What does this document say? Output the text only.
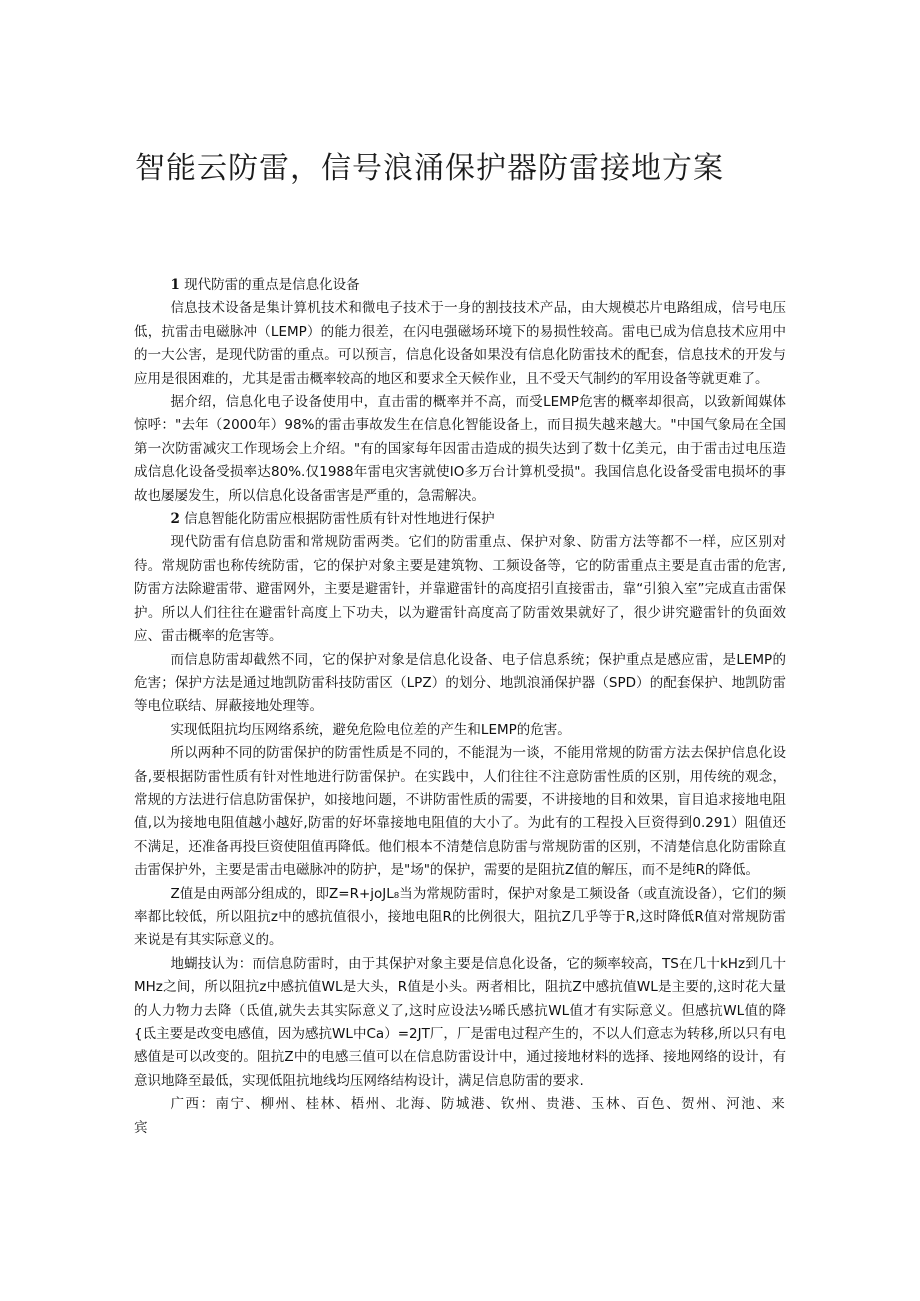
智能云防雷，信号浪涌保护器防雷接地方案
1 现代防雷的重点是信息化设备

信息技术设备是集计算机技术和微电子技术于一身的割技技术产品，由大规模芯片电路组成，信号电压低，抗雷击电磁脉冲（LEMP）的能力很差，在闪电强磁场环境下的易损性较高。雷电已成为信息技术应用中的一大公害，是现代防雷的重点。可以预言，信息化设备如果没有信息化防雷技术的配套，信息技术的开发与应用是很困难的，尤其是雷击概率较高的地区和要求全天候作业，且不受天气制约的军用设备等就更难了。

据介绍，信息化电子设备使用中，直击雷的概率并不高，而受LEMP危害的概率却很高，以致新闻媒体惊呼："去年（2000年）98%的雷击事故发生在信息化智能设备上，而目损失越来越大。"中国气象局在全国第一次防雷减灾工作现场会上介绍。"有的国家每年因雷击造成的损失达到了数十亿美元，由于雷击过电压造成信息化设备受损率达80%.仅1988年雷电灾害就使IO多万台计算机受损"。我国信息化设备受雷电损坏的事故也屡屡发生，所以信息化设备雷害是严重的，急需解决。

2 信息智能化防雷应根据防雷性质有针对性地进行保护

现代防雷有信息防雷和常规防雷两类。它们的防雷重点、保护对象、防雷方法等都不一样，应区别对待。常规防雷也称传统防雷，它的保护对象主要是建筑物、工频设备等，它的防雷重点主要是直击雷的危害,防雷方法除避雷带、避雷网外，主要是避雷针，并靠避雷针的高度招引直接雷击，靠“引狼入室”完成直击雷保护。所以人们往往在避雷针高度上下功夫，以为避雷针高度高了防雷效果就好了，很少讲究避雷针的负面效应、雷击概率的危害等。

而信息防雷却截然不同，它的保护对象是信息化设备、电子信息系统；保护重点是感应雷，是LEMP的危害；保护方法是通过地凯防雷科技防雷区（LPZ）的划分、地凯浪涌保护器（SPD）的配套保护、地凯防雷等电位联结、屏蔽接地处理等。

实现低阻抗均压网络系统，避免危险电位差的产生和LEMP的危害。

所以两种不同的防雷保护的防雷性质是不同的，不能混为一谈，不能用常规的防雷方法去保护信息化设备,要根据防雷性质有针对性地进行防雷保护。在实践中，人们往往不注意防雷性质的区别，用传统的观念，常规的方法进行信息防雷保护，如接地问题，不讲防雷性质的需要，不讲接地的目和效果，盲目追求接地电阻值,以为接地电阻值越小越好,防雷的好坏靠接地电阻值的大小了。为此有的工程投入巨资得到0.291）阻值还不满足，还准备再投巨资使阻值再降低。他们根本不清楚信息防雷与常规防雷的区别，不清楚信息化防雷除直击雷保护外，主要是雷击电磁脉冲的防护，是"场"的保护，需要的是阻抗Z值的解压，而不是纯R的降低。

Z值是由两部分组成的，即Z=R+joJL₈当为常规防雷时，保护对象是工频设备（或直流设备），它们的频率都比较低，所以阻抗z中的感抗值很小，接地电阻R的比例很大，阻抗Z几乎等于R,这时降低R值对常规防雷来说是有其实际意义的。

地蝴技认为：而信息防雷时，由于其保护对象主要是信息化设备，它的频率较高，TS在几十kHz到几十MHz之间，所以阻抗z中感抗值WL是大头，R值是小头。两者相比，阻抗Z中感抗值WL是主要的,这时花大量的人力物力去降（氐值,就失去其实际意义了,这时应设法½晞氏感抗WL值才有实际意义。但感抗WL值的降{氐主要是改变电感值，因为感抗WL中Ca）=2JT厂，厂是雷电过程产生的，不以人们意志为转移,所以只有电感值是可以改变的。阻抗Z中的电感三值可以在信息防雷设计中，通过接地材料的选择、接地网络的设计，有意识地降至最低，实现低阻抗地线均压网络结构设计，满足信息防雷的要求.

广西：南宁、柳州、桂林、梧州、北海、防城港、钦州、贵港、玉林、百色、贺州、河池、来宾
